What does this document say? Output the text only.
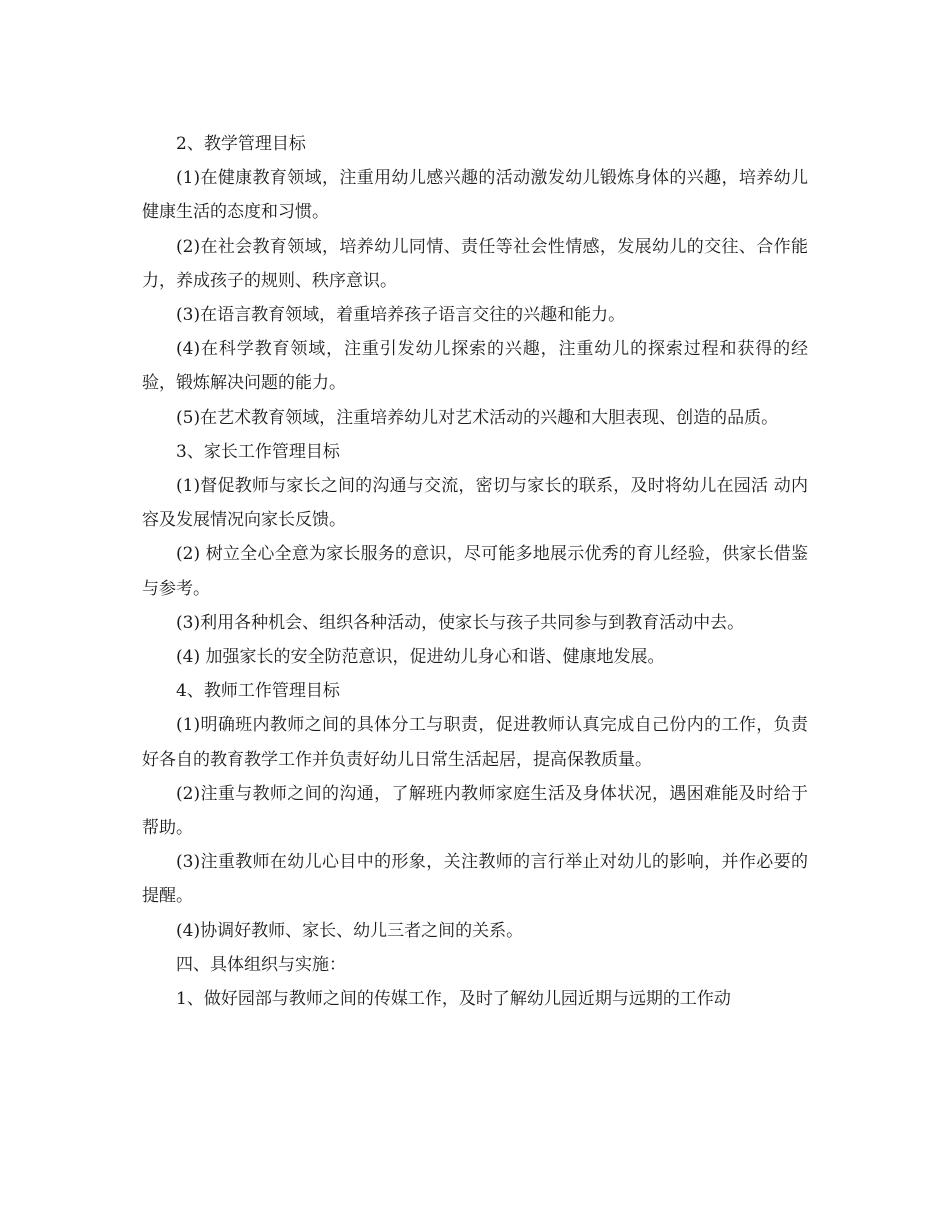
2、教学管理目标

(1)在健康教育领域，注重用幼儿感兴趣的活动激发幼儿锻炼身体的兴趣，培养幼儿健康生活的态度和习惯。

(2)在社会教育领域，培养幼儿同情、责任等社会性情感，发展幼儿的交往、合作能力，养成孩子的规则、秩序意识。

(3)在语言教育领域，着重培养孩子语言交往的兴趣和能力。

(4)在科学教育领域，注重引发幼儿探索的兴趣，注重幼儿的探索过程和获得的经验，锻炼解决问题的能力。

(5)在艺术教育领域，注重培养幼儿对艺术活动的兴趣和大胆表现、创造的品质。

3、家长工作管理目标

(1)督促教师与家长之间的沟通与交流，密切与家长的联系，及时将幼儿在园活 动内容及发展情况向家长反馈。

(2) 树立全心全意为家长服务的意识，尽可能多地展示优秀的育儿经验，供家长借鉴与参考。

(3)利用各种机会、组织各种活动，使家长与孩子共同参与到教育活动中去。

(4) 加强家长的安全防范意识，促进幼儿身心和谐、健康地发展。

4、教师工作管理目标

(1)明确班内教师之间的具体分工与职责，促进教师认真完成自己份内的工作，负责好各自的教育教学工作并负责好幼儿日常生活起居，提高保教质量。

(2)注重与教师之间的沟通，了解班内教师家庭生活及身体状况，遇困难能及时给于帮助。

(3)注重教师在幼儿心目中的形象，关注教师的言行举止对幼儿的影响，并作必要的提醒。

(4)协调好教师、家长、幼儿三者之间的关系。

四、具体组织与实施：

1、做好园部与教师之间的传媒工作，及时了解幼儿园近期与远期的工作动
